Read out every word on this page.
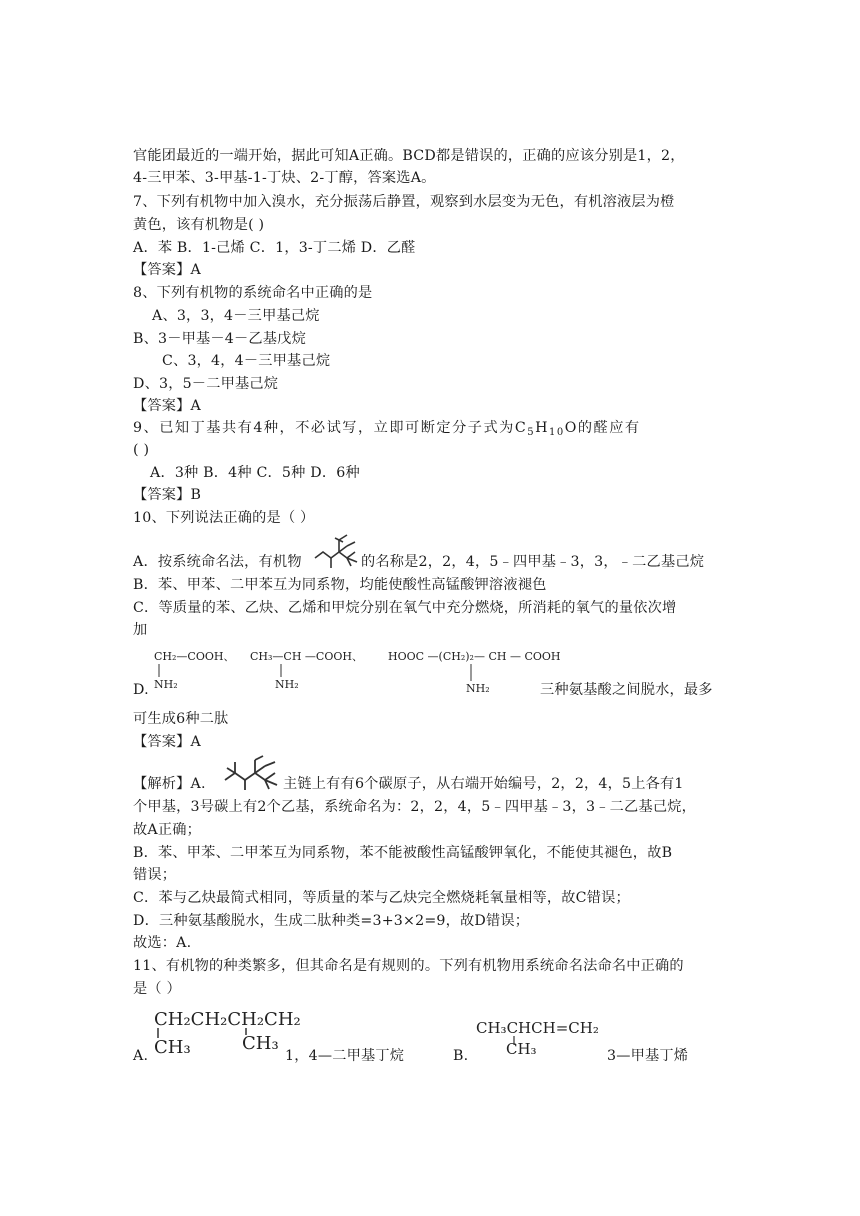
官能团最近的一端开始，据此可知A正确。BCD都是错误的，正确的应该分别是1，2，
4-三甲苯、3-甲基-1-丁炔、2-丁醇，答案选A。
7、下列有机物中加入溴水，充分振荡后静置，观察到水层变为无色，有机溶液层为橙
黄色，该有机物是( )
A．苯 B．1-己烯 C．1，3-丁二烯 D．乙醛
【答案】A
8、下列有机物的系统命名中正确的是
A、3，3，4－三甲基己烷
B、3－甲基－4－乙基戊烷
C、3，4，4－三甲基己烷
D、3，5－二甲基己烷
【答案】A
9、已知丁基共有4种，不必试写，立即可断定分子式为$C_5H_{10}O$的醛应有
( )
A．3种 B．4种 C．5种 D．6种
【答案】B
10、下列说法正确的是（ ）
A．按系统命名法，有机物	的名称是2，2，4，5﹣四甲基﹣3，3，﹣二乙基己烷
B．苯、甲苯、二甲苯互为同系物，均能使酸性高锰酸钾溶液褪色
C．等质量的苯、乙炔、乙烯和甲烷分别在氧气中充分燃烧，所消耗的氧气的量依次增
加
CH₂—COOH、
NH₂
CH₃—CH —COOH、
NH₂
HOOC —(CH₂)₂— CH — COOH
NH₂
D.	三种氨基酸之间脱水，最多
可生成6种二肽
【答案】A
【解析】A.	主链上有有6个碳原子，从右端开始编号，2，2，4，5上各有1
个甲基，3号碳上有2个乙基，系统命名为：2，2，4，5﹣四甲基﹣3，3﹣二乙基己烷，
故A正确；
B．苯、甲苯、二甲苯互为同系物，苯不能被酸性高锰酸钾氧化，不能使其褪色，故B
错误；
C．苯与乙炔最简式相同，等质量的苯与乙炔完全燃烧耗氧量相等，故C错误；
D．三种氨基酸脱水，生成二肽种类=3+3×2=9，故D错误；
故选：A.
11、有机物的种类繁多，但其命名是有规则的。下列有机物用系统命名法命名中正确的
是（ ）
CH₂CH₂CH₂CH₂
CH₃	CH₃
A.	1，4—二甲基丁烷	B.
CH₃CHCH=CH₂
CH₃	3—甲基丁烯
